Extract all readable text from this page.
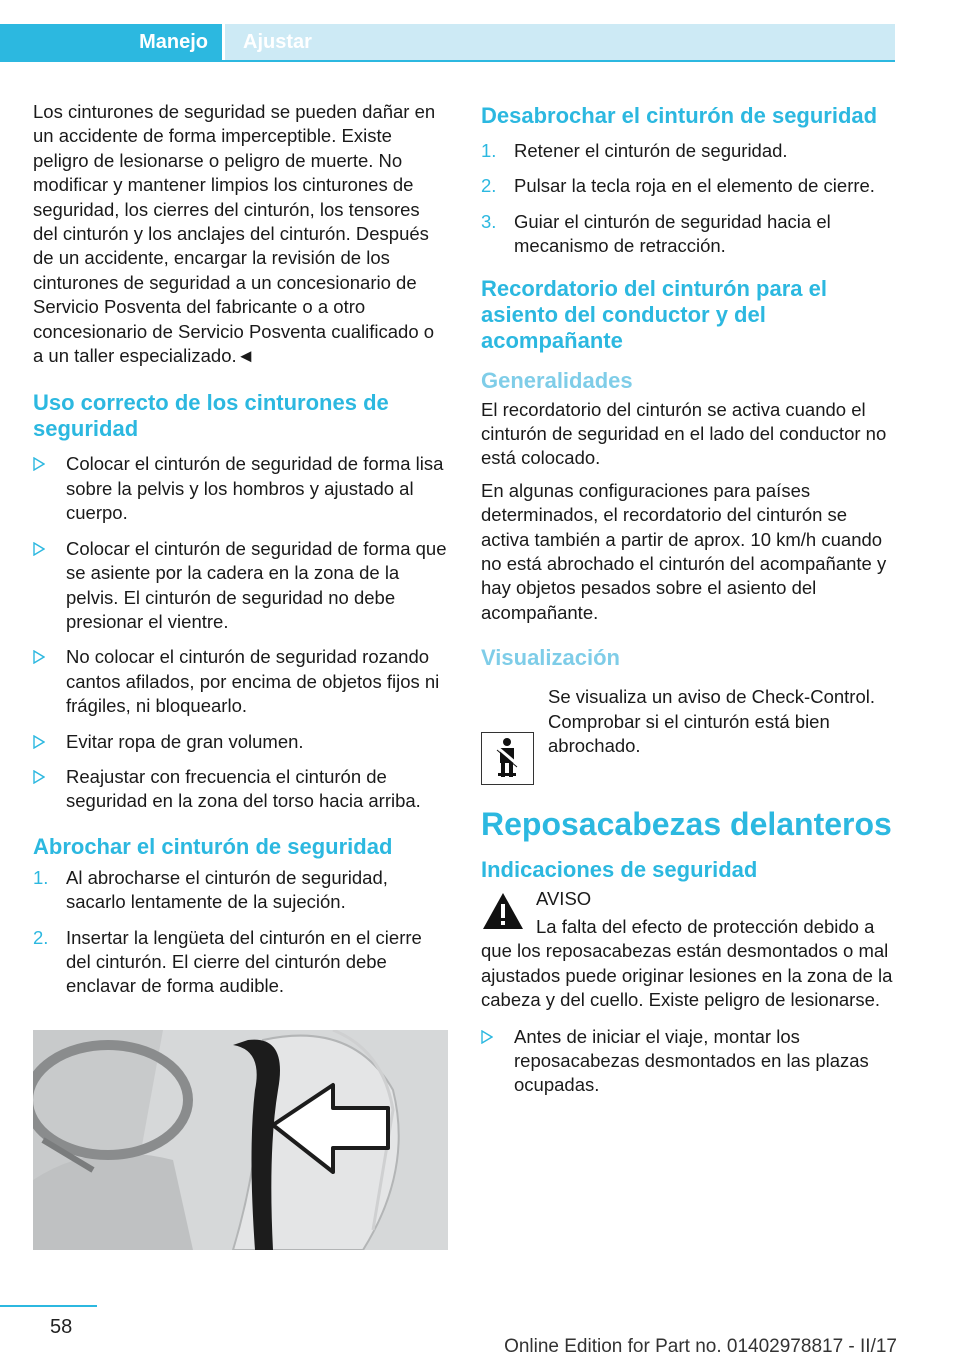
Manejo	Ajustar

Los cinturones de seguridad se pueden dañar en un accidente de forma imperceptible. Existe peligro de lesionarse o peligro de muerte. No modificar y mantener limpios los cinturones de seguridad, los cierres del cinturón, los tensores del cinturón y los anclajes del cinturón. Después de un accidente, encargar la revisión de los cinturones de seguridad a un concesionario de Servicio Posventa del fabricante o a otro concesionario de Servicio Posventa cualificado o a un taller especializado.◄

Uso correcto de los cinturones de seguridad
Colocar el cinturón de seguridad de forma lisa sobre la pelvis y los hombros y ajustado al cuerpo.
Colocar el cinturón de seguridad de forma que se asiente por la cadera en la zona de la pelvis. El cinturón de seguridad no debe presionar el vientre.
No colocar el cinturón de seguridad rozando cantos afilados, por encima de objetos fijos ni frágiles, ni bloquearlo.
Evitar ropa de gran volumen.
Reajustar con frecuencia el cinturón de seguridad en la zona del torso hacia arriba.
Abrochar el cinturón de seguridad
1. Al abrocharse el cinturón de seguridad, sacarlo lentamente de la sujeción.
2. Insertar la lengüeta del cinturón en el cierre del cinturón. El cierre del cinturón debe enclavar de forma audible.
Desabrochar el cinturón de seguridad
1. Retener el cinturón de seguridad.
2. Pulsar la tecla roja en el elemento de cierre.
3. Guiar el cinturón de seguridad hacia el mecanismo de retracción.
Recordatorio del cinturón para el asiento del conductor y del acompañante
Generalidades

El recordatorio del cinturón se activa cuando el cinturón de seguridad en el lado del conductor no está colocado.

En algunas configuraciones para países determinados, el recordatorio del cinturón se activa también a partir de aprox. 10 km/h cuando no está abrochado el cinturón del acompañante y hay objetos pesados sobre el asiento del acompañante.

Visualización

Se visualiza un aviso de Check-Control. Comprobar si el cinturón está bien abrochado.

Reposacabezas delanteros
Indicaciones de seguridad

AVISO

La falta del efecto de protección debido a que los reposacabezas están desmontados o mal ajustados puede originar lesiones en la zona de la cabeza y del cuello. Existe peligro de lesionarse.

Antes de iniciar el viaje, montar los reposacabezas desmontados en las plazas ocupadas.
58
Online Edition for Part no. 01402978817 - II/17
